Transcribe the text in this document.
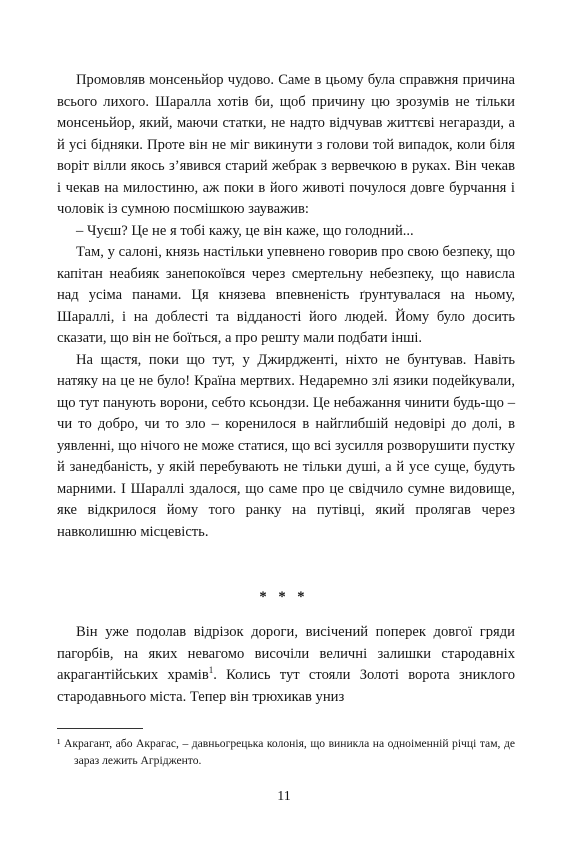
Промовляв монсеньйор чудово. Саме в цьому була справжня причина всього лихого. Шаралла хотів би, щоб причину цю зрозумів не тільки монсеньйор, який, маючи статки, не надто відчував життєві негаразди, а й усі бідняки. Проте він не міг викинути з голови той випадок, коли біля воріт вілли якось з’явився старий жебрак з вервечкою в руках. Він чекав і чекав на милостиню, аж поки в його животі почулося довге бурчання і чоловік із сумною посмішкою зауважив:

– Чуєш? Це не я тобі кажу, це він каже, що голодний...

Там, у салоні, князь настільки упевнено говорив про свою безпеку, що капітан неабияк занепокоївся через смертельну небезпеку, що нависла над усіма панами. Ця князева впевненість ґрунтувалася на ньому, Шараллі, і на доблесті та відданості його людей. Йому було досить сказати, що він не боїться, а про решту мали подбати інші.

На щастя, поки що тут, у Джирдженті, ніхто не бунтував. Навіть натяку на це не було! Країна мертвих. Недаремно злі язики подейкували, що тут панують ворони, себто ксьондзи. Це небажання чинити будь-що – чи то добро, чи то зло – коренилося в найглибшій недовірі до долі, в уявленні, що нічого не може статися, що всі зусилля розворушити пустку й занедбаність, у якій перебувають не тільки душі, а й усе суще, будуть марними. І Шараллі здалося, що саме про це свідчило сумне видовище, яке відкрилося йому того ранку на путівці, який пролягав через навколишню місцевість.

* * *

Він уже подолав відрізок дороги, висічений поперек довгої гряди пагорбів, на яких невагомо височіли величні залишки стародавніх акрагантійських храмів$^1$. Колись тут стояли Золоті ворота зниклого стародавнього міста. Тепер він трюхикав униз

¹ Акрагант, або Акрагас, – давньогрецька колонія, що виникла на одноіменній річці там, де зараз лежить Агрідженто.

11
